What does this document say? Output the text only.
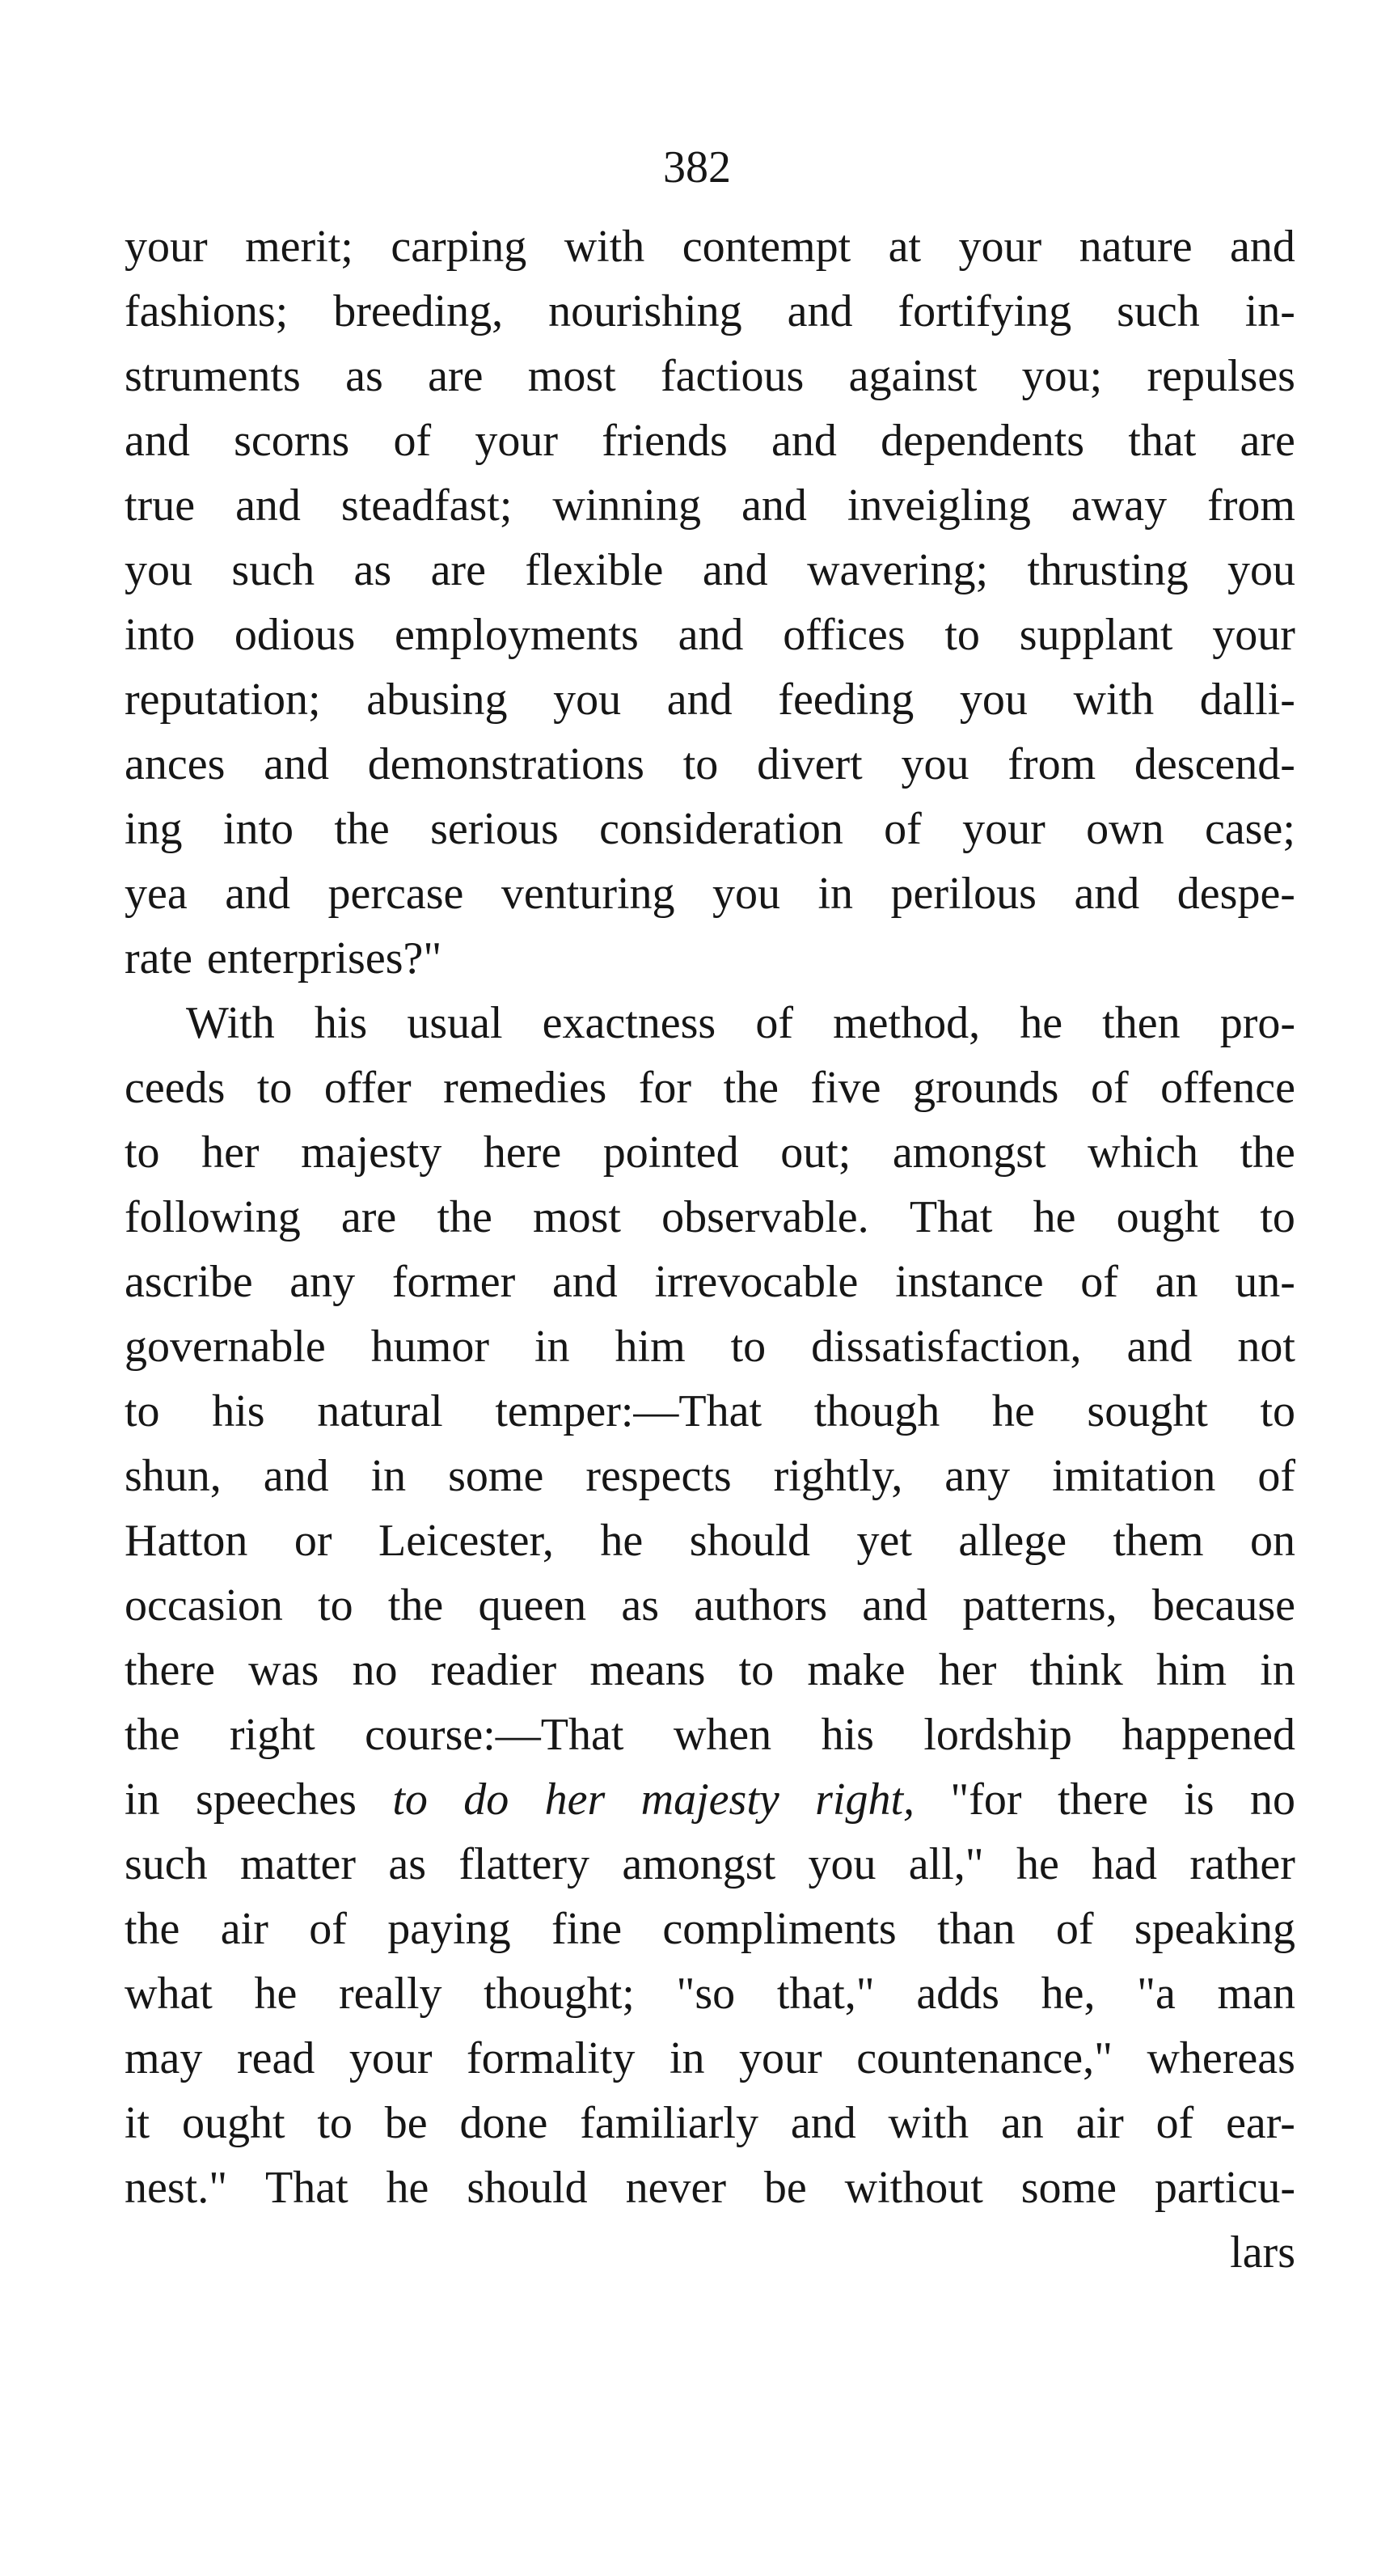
382
your merit; carping with contempt at your nature and
fashions; breeding, nourishing and fortifying such in-
struments as are most factious against you; repulses
and scorns of your friends and dependents that are
true and steadfast; winning and inveigling away from
you such as are flexible and wavering; thrusting you
into odious employments and offices to supplant your
reputation; abusing you and feeding you with dalli-
ances and demonstrations to divert you from descend-
ing into the serious consideration of your own case;
yea and percase venturing you in perilous and despe-
rate enterprises?"
With his usual exactness of method, he then pro-
ceeds to offer remedies for the five grounds of offence
to her majesty here pointed out; amongst which the
following are the most observable. That he ought to
ascribe any former and irrevocable instance of an un-
governable humor in him to dissatisfaction, and not
to his natural temper:—That though he sought to
shun, and in some respects rightly, any imitation of
Hatton or Leicester, he should yet allege them on
occasion to the queen as authors and patterns, because
there was no readier means to make her think him in
the right course:—That when his lordship happened
in speeches to do her majesty right, "for there is no
such matter as flattery amongst you all," he had rather
the air of paying fine compliments than of speaking
what he really thought; "so that," adds he, "a man
may read your formality in your countenance," whereas
it ought to be done familiarly and with an air of ear-
nest." That he should never be without some particu-
lars
